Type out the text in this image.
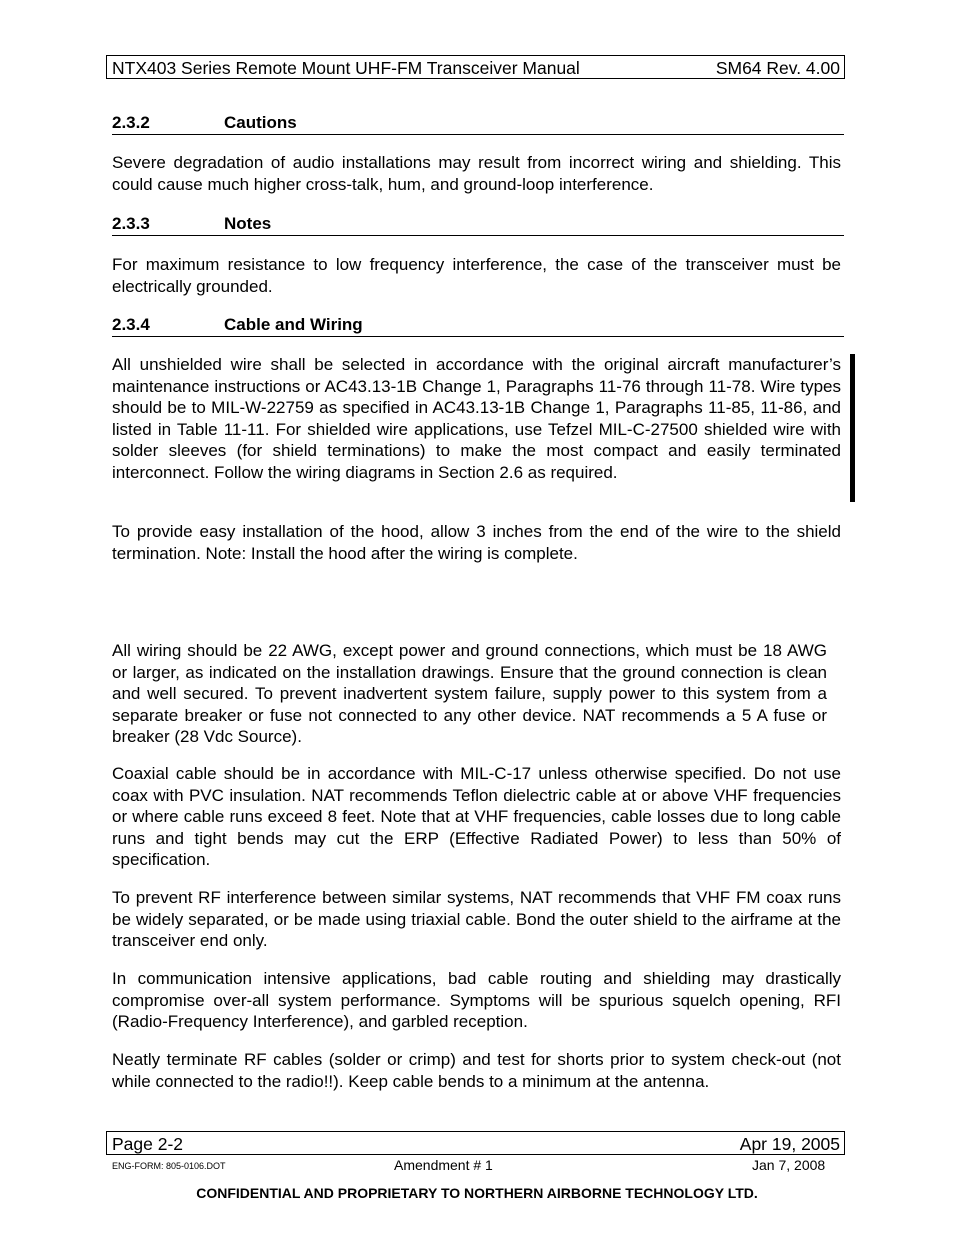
NTX403 Series Remote Mount UHF-FM Transceiver Manual	SM64 Rev. 4.00
2.3.2	Cautions

Severe degradation of audio installations may result from incorrect wiring and shielding. This could cause much higher cross-talk, hum, and ground-loop interference.

2.3.3	Notes

For maximum resistance to low frequency interference, the case of the transceiver must be electrically grounded.

2.3.4	Cable and Wiring

All unshielded wire shall be selected in accordance with the original aircraft manufacturer’s maintenance instructions or AC43.13-1B Change 1, Paragraphs 11-76 through 11-78. Wire types should be to MIL-W-22759 as specified in AC43.13-1B Change 1, Paragraphs 11-85, 11-86, and listed in Table 11-11. For shielded wire applications, use Tefzel MIL-C-27500 shielded wire with solder sleeves (for shield terminations) to make the most compact and easily terminated interconnect. Follow the wiring diagrams in Section 2.6 as required.

To provide easy installation of the hood, allow 3 inches from the end of the wire to the shield termination. Note: Install the hood after the wiring is complete.

All wiring should be 22 AWG, except power and ground connections, which must be 18 AWG or larger, as indicated on the installation drawings. Ensure that the ground connection is clean and well secured. To prevent inadvertent system failure, supply power to this system from a separate breaker or fuse not connected to any other device. NAT recommends a 5 A fuse or breaker (28 Vdc Source).

Coaxial cable should be in accordance with MIL-C-17 unless otherwise specified. Do not use coax with PVC insulation. NAT recommends Teflon dielectric cable at or above VHF frequencies or where cable runs exceed 8 feet. Note that at VHF frequencies, cable losses due to long cable runs and tight bends may cut the ERP (Effective Radiated Power) to less than 50% of specification.

To prevent RF interference between similar systems, NAT recommends that VHF FM coax runs be widely separated, or be made using triaxial cable. Bond the outer shield to the airframe at the transceiver end only.

In communication intensive applications, bad cable routing and shielding may drastically compromise over-all system performance. Symptoms will be spurious squelch opening, RFI (Radio-Frequency Interference), and garbled reception.

Neatly terminate RF cables (solder or crimp) and test for shorts prior to system check-out (not while connected to the radio!!). Keep cable bends to a minimum at the antenna.

Page 2-2	Apr 19, 2005
ENG-FORM: 805-0106.DOT	Amendment # 1	Jan 7, 2008
CONFIDENTIAL AND PROPRIETARY TO NORTHERN AIRBORNE TECHNOLOGY LTD.
